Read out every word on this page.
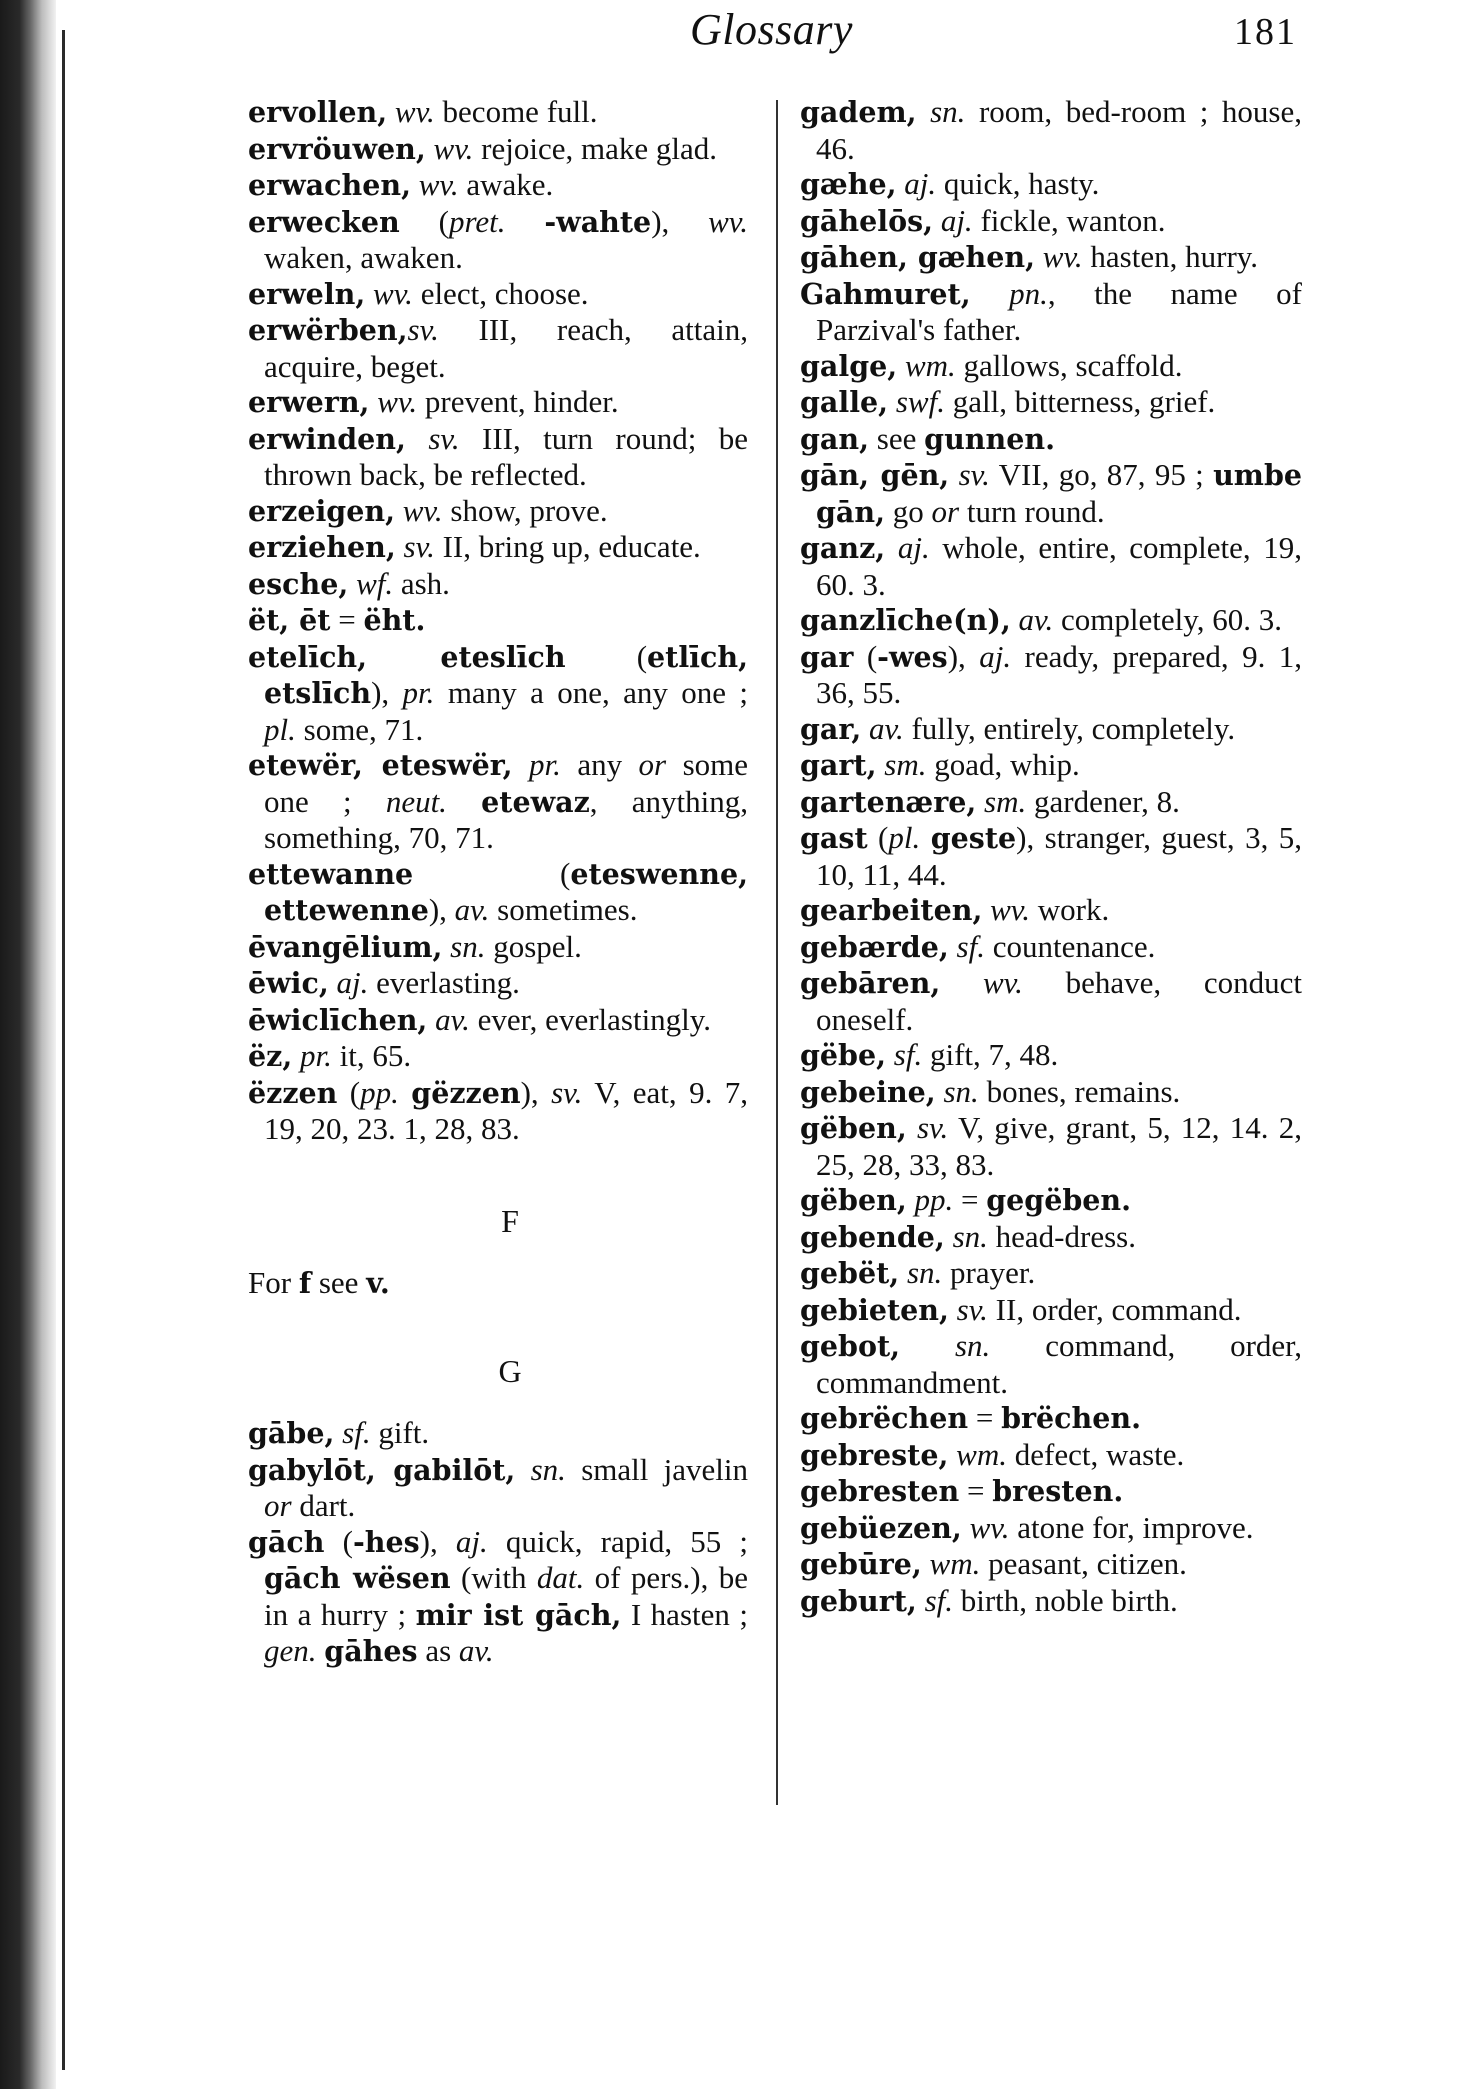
Glossary	181
ervollen, wv. become full.
ervröuwen, wv. rejoice, make glad.
erwachen, wv. awake.
erwecken (pret. -wahte), wv. waken, awaken.
erweln, wv. elect, choose.
erwërben,sv. III, reach, attain, acquire, beget.
erwern, wv. prevent, hinder.
erwinden, sv. III, turn round; be thrown back, be reflected.
erzeigen, wv. show, prove.
erziehen, sv. II, bring up, educate.
esche, wf. ash.
ët, ēt = ëht.
etelīch, eteslīch (etlīch, etslīch), pr. many a one, any one ; pl. some, 71.
etewër, eteswër, pr. any or some one ; neut. etewaz, anything, something, 70, 71.
ettewanne (eteswenne, ettewenne), av. sometimes.
ēvangēlium, sn. gospel.
ēwic, aj. everlasting.
ēwiclīchen, av. ever, everlastingly.
ëz, pr. it, 65.
ëzzen (pp. gëzzen), sv. V, eat, 9. 7, 19, 20, 23. 1, 28, 83.
F
For f see v.
G
gābe, sf. gift.
gabylōt, gabilōt, sn. small javelin or dart.
gāch (-hes), aj. quick, rapid, 55 ; gāch wësen (with dat. of pers.), be in a hurry ; mir ist gāch, I hasten ; gen. gāhes as av.
gadem, sn. room, bed-room ; house, 46.
gæhe, aj. quick, hasty.
gāhelōs, aj. fickle, wanton.
gāhen, gæhen, wv. hasten, hurry.
Gahmuret, pn., the name of Parzival's father.
galge, wm. gallows, scaffold.
galle, swf. gall, bitterness, grief.
gan, see gunnen.
gān, gēn, sv. VII, go, 87, 95 ; umbe gān, go or turn round.
ganz, aj. whole, entire, complete, 19, 60. 3.
ganzlīche(n), av. completely, 60. 3.
gar (-wes), aj. ready, prepared, 9. 1, 36, 55.
gar, av. fully, entirely, completely.
gart, sm. goad, whip.
gartenære, sm. gardener, 8.
gast (pl. geste), stranger, guest, 3, 5, 10, 11, 44.
gearbeiten, wv. work.
gebærde, sf. countenance.
gebāren, wv. behave, conduct oneself.
gëbe, sf. gift, 7, 48.
gebeine, sn. bones, remains.
gëben, sv. V, give, grant, 5, 12, 14. 2, 25, 28, 33, 83.
gëben, pp. = gegëben.
gebende, sn. head-dress.
gebët, sn. prayer.
gebieten, sv. II, order, command.
gebot, sn. command, order, commandment.
gebrëchen = brëchen.
gebreste, wm. defect, waste.
gebresten = bresten.
gebüezen, wv. atone for, improve.
gebūre, wm. peasant, citizen.
geburt, sf. birth, noble birth.
